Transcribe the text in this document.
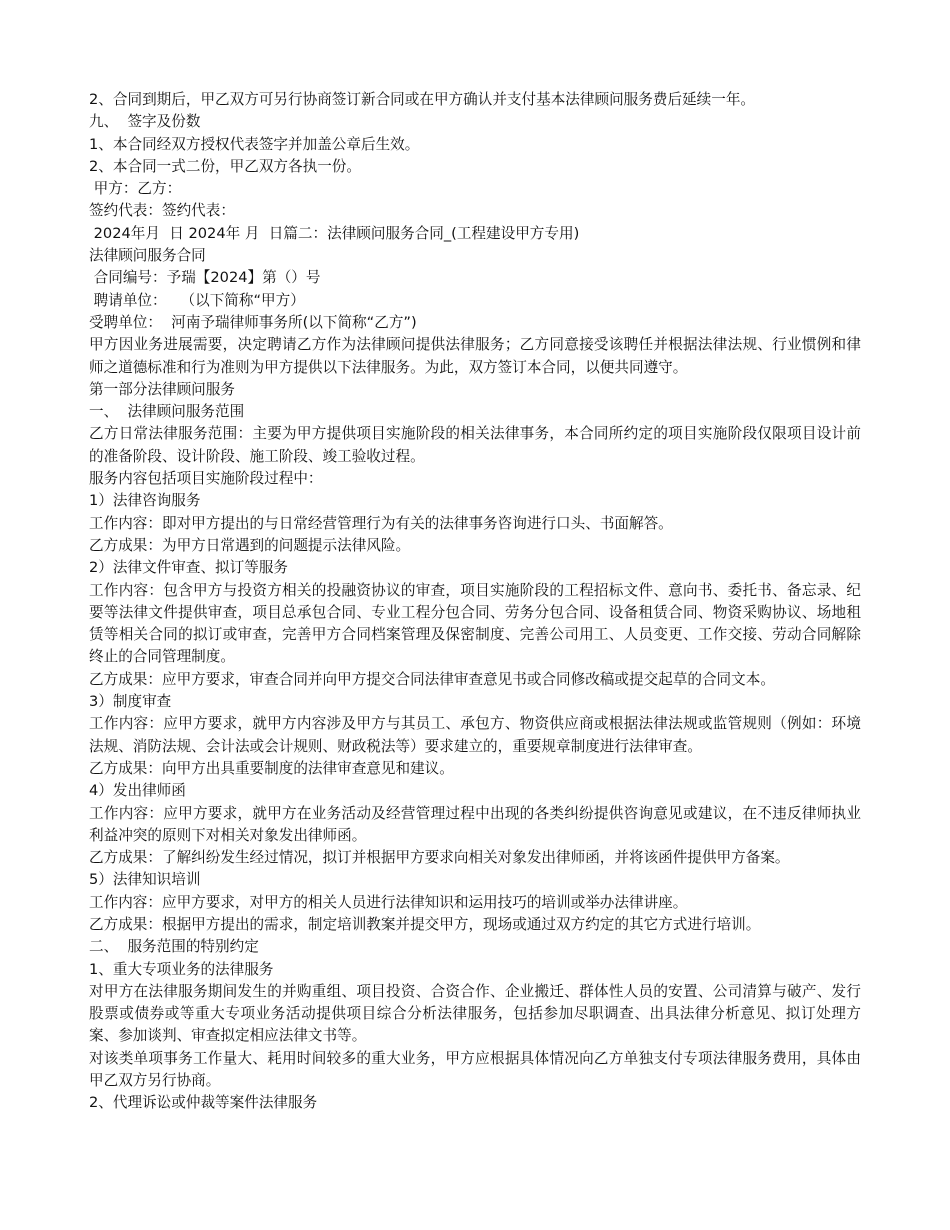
2、合同到期后，甲乙双方可另行协商签订新合同或在甲方确认并支付基本法律顾问服务费后延续一年。
九、  签字及份数
1、本合同经双方授权代表签字并加盖公章后生效。
2、本合同一式二份，甲乙双方各执一份。
甲方：乙方：
签约代表：签约代表：
2024年月  日 2024年 月  日篇二：法律顾问服务合同_(工程建设甲方专用)
法律顾问服务合同
合同编号：予瑞【2024】第（）号
聘请单位：   （以下简称“甲方）
受聘单位：  河南予瑞律师事务所(以下简称“乙方”)
甲方因业务进展需要，决定聘请乙方作为法律顾问提供法律服务；乙方同意接受该聘任并根据法律法规、行业惯例和律师之道德标准和行为准则为甲方提供以下法律服务。为此，双方签订本合同，以便共同遵守。
第一部分法律顾问服务
一、  法律顾问服务范围
乙方日常法律服务范围：主要为甲方提供项目实施阶段的相关法律事务，本合同所约定的项目实施阶段仅限项目设计前的准备阶段、设计阶段、施工阶段、竣工验收过程。
服务内容包括项目实施阶段过程中：
1）法律咨询服务
工作内容：即对甲方提出的与日常经营管理行为有关的法律事务咨询进行口头、书面解答。
乙方成果：为甲方日常遇到的问题提示法律风险。
2）法律文件审查、拟订等服务
工作内容：包含甲方与投资方相关的投融资协议的审查，项目实施阶段的工程招标文件、意向书、委托书、备忘录、纪要等法律文件提供审查，项目总承包合同、专业工程分包合同、劳务分包合同、设备租赁合同、物资采购协议、场地租赁等相关合同的拟订或审查，完善甲方合同档案管理及保密制度、完善公司用工、人员变更、工作交接、劳动合同解除终止的合同管理制度。
乙方成果：应甲方要求，审查合同并向甲方提交合同法律审查意见书或合同修改稿或提交起草的合同文本。
3）制度审查
工作内容：应甲方要求，就甲方内容涉及甲方与其员工、承包方、物资供应商或根据法律法规或监管规则（例如：环境法规、消防法规、会计法或会计规则、财政税法等）要求建立的，重要规章制度进行法律审查。
乙方成果：向甲方出具重要制度的法律审查意见和建议。
4）发出律师函
工作内容：应甲方要求，就甲方在业务活动及经营管理过程中出现的各类纠纷提供咨询意见或建议，在不违反律师执业利益冲突的原则下对相关对象发出律师函。
乙方成果：了解纠纷发生经过情况，拟订并根据甲方要求向相关对象发出律师函，并将该函件提供甲方备案。
5）法律知识培训
工作内容：应甲方要求，对甲方的相关人员进行法律知识和运用技巧的培训或举办法律讲座。
乙方成果：根据甲方提出的需求，制定培训教案并提交甲方，现场或通过双方约定的其它方式进行培训。
二、  服务范围的特别约定
1、重大专项业务的法律服务
对甲方在法律服务期间发生的并购重组、项目投资、合资合作、企业搬迁、群体性人员的安置、公司清算与破产、发行股票或债券或等重大专项业务活动提供项目综合分析法律服务，包括参加尽职调查、出具法律分析意见、拟订处理方案、参加谈判、审查拟定相应法律文书等。
对该类单项事务工作量大、耗用时间较多的重大业务，甲方应根据具体情况向乙方单独支付专项法律服务费用，具体由甲乙双方另行协商。
2、代理诉讼或仲裁等案件法律服务
